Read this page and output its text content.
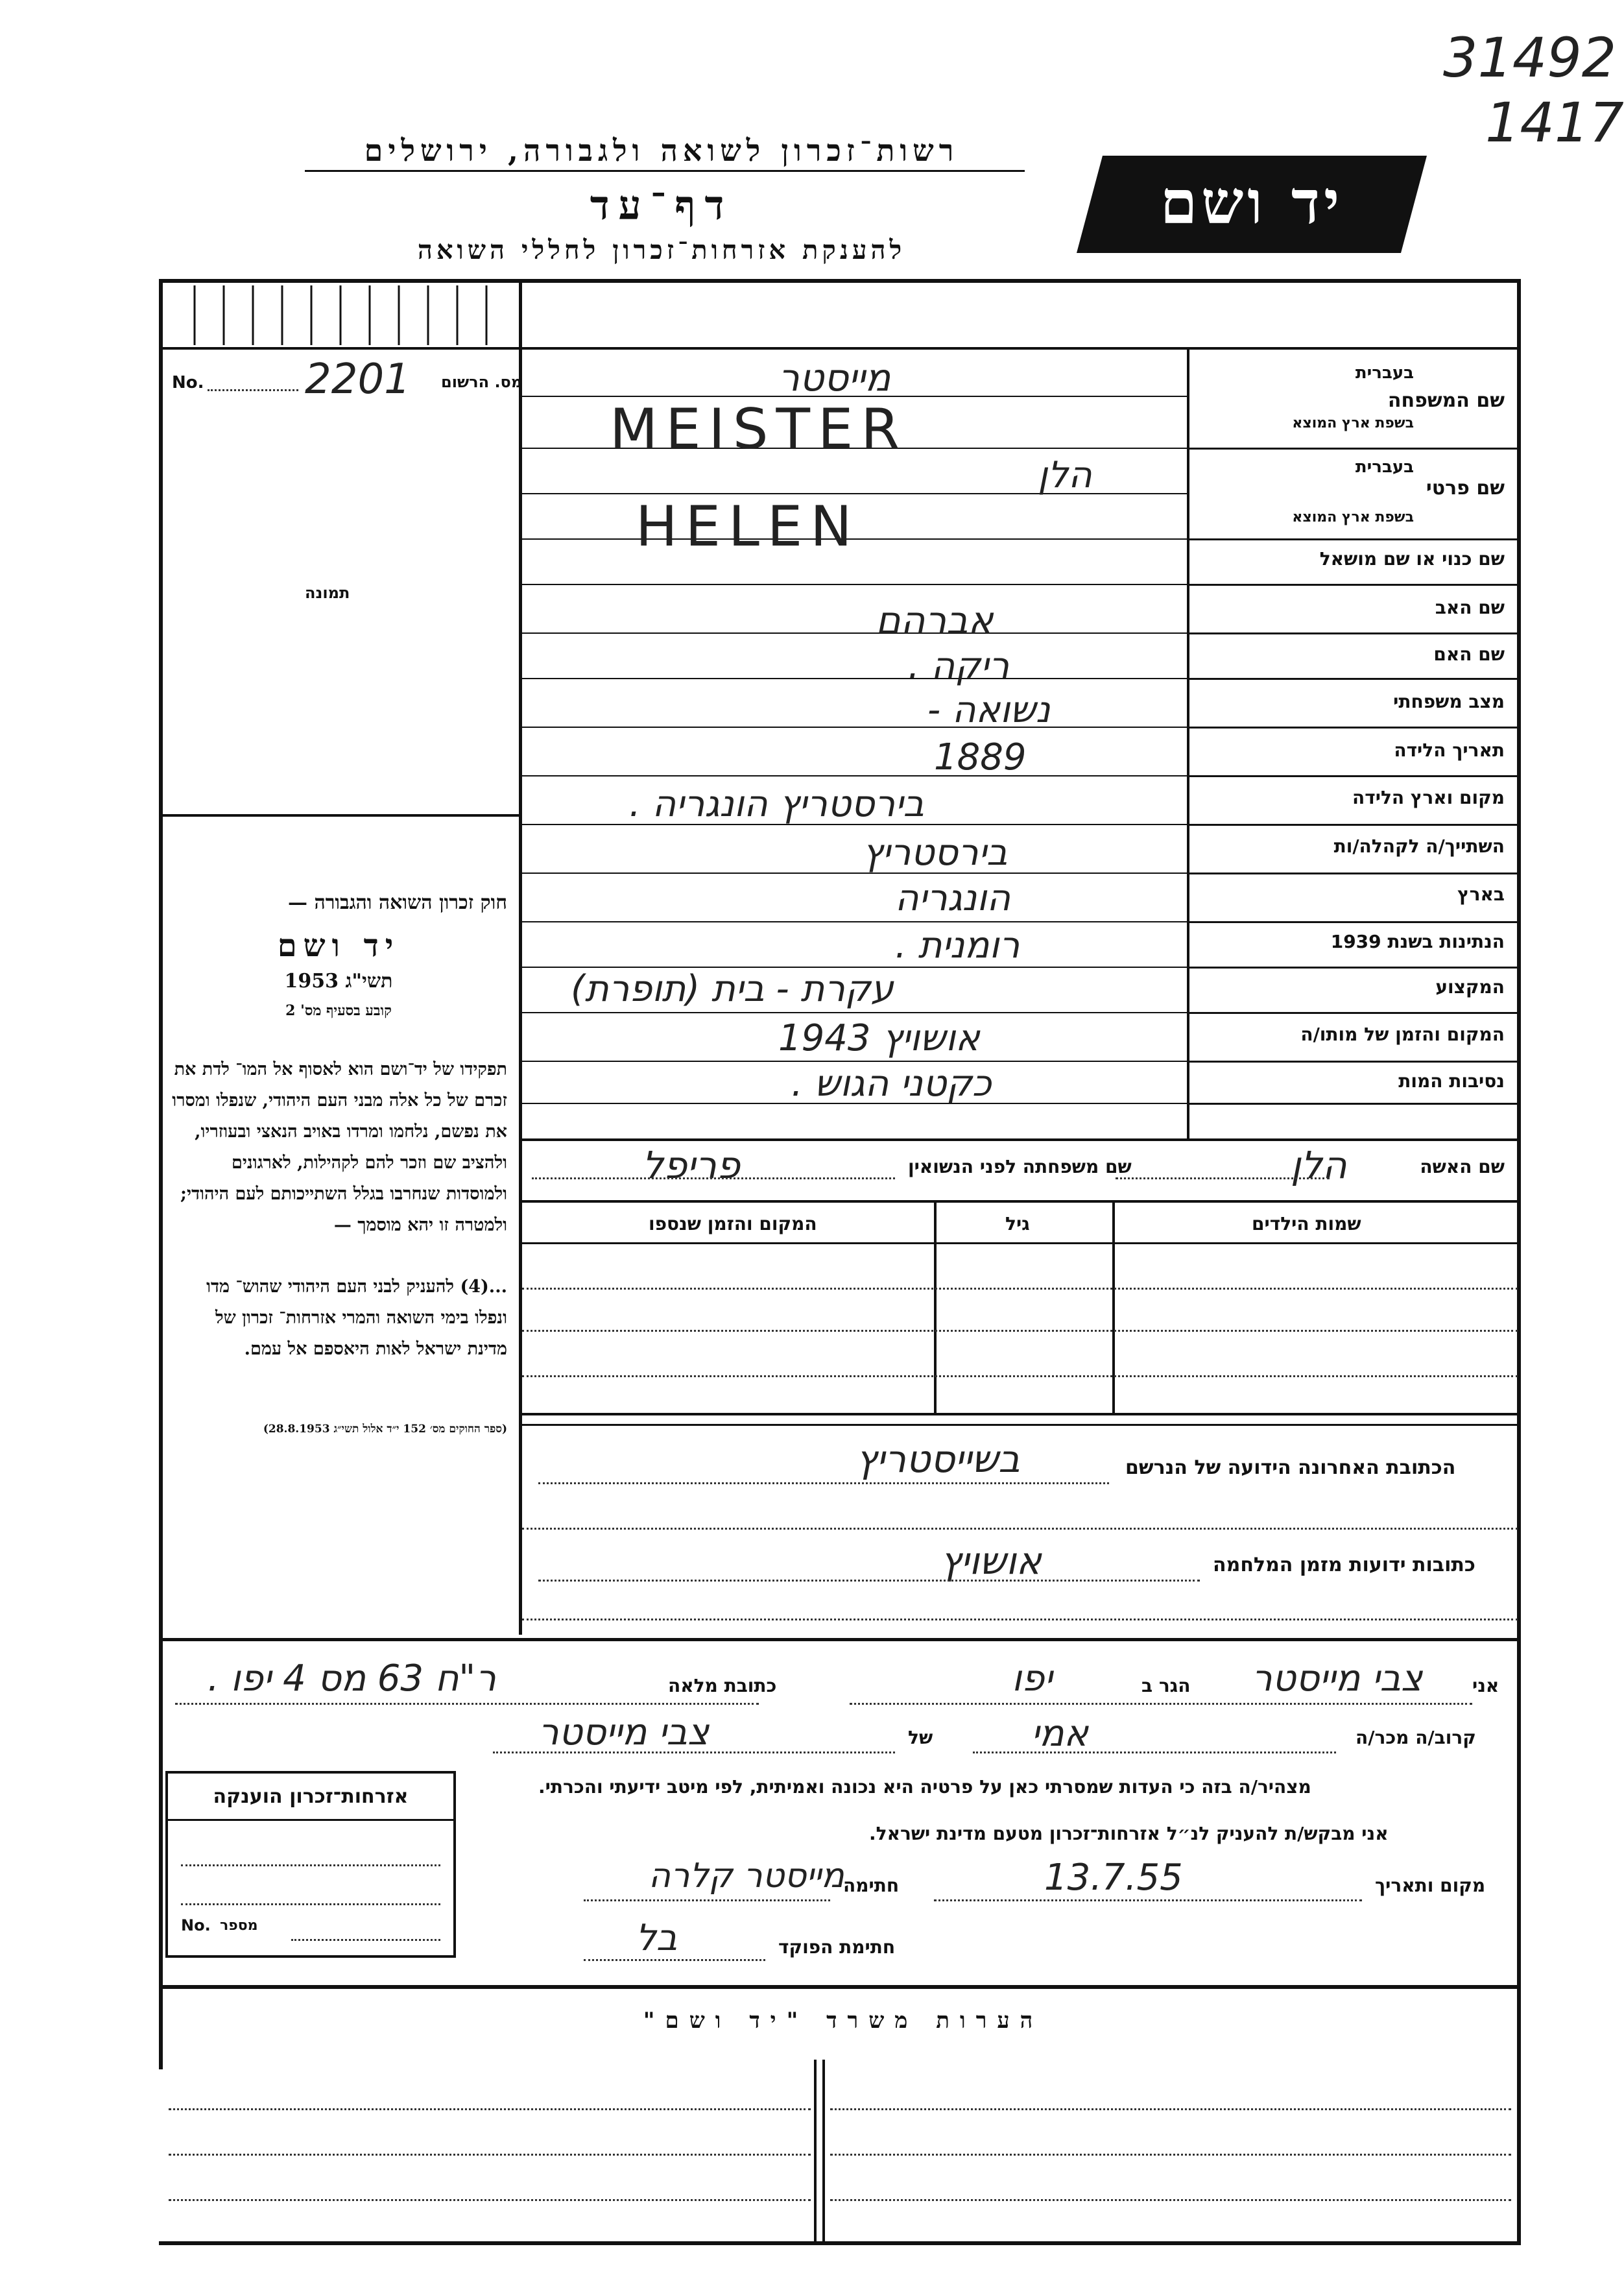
31492
1417
רשות־זכרון לשואה ולגבורה, ירושלים
דף־עד
להענקת אזרחות־זכרון לחללי השואה
יד ושם
No. 2201 מס. הרשום
תמונה
שם המשפחה
בעברית
בשפת ארץ המוצא
מייסטר
MEISTER
שם פרטי
בעברית
בשפת ארץ המוצא
הלן
HELEN	שם כנוי או שם מושאל
שם האב
אברהם
שם האם
ריקה .
מצב משפחתי
נשואה -
תאריך הלידה
1889
מקום וארץ הלידה
בירסטריץ הונגריה .
השתייך/ה לקהלה/ות
בירסטריץ
בארץ
הונגריה
הנתינות בשנת 1939
רומנית .
המקצוע
עקרת - בית (תופרת)
המקום והזמן של מותו/ה
אושויץ 1943
נסיבות המות
כקטני הגוש .
שם האשה
הלן
שם משפחתה לפני הנשואין
פריפל
שמות הילדים
גיל
המקום והזמן שנספו
חוק זכרון השואה והגבורה —
יד ושם
תשי"ג 1953
קובע בסעיף מס' 2
תפקידו של יד־ושם הוא לאסוף אל המו־ לדת את זכרם של כל אלה מבני העם היהודי, שנפלו ומסרו את נפשם, נלחמו ומרדו באויב הנאצי ובעוזריו, ולהציב שם וזכר להם לקהילות, לארגונים ולמוסדות שנחרבו בגלל השתייכותם לעם היהודי; ולמטרה זו יהא מוסמך —
...(4) להעניק לבני העם היהודי שהוש־ מדו ונפלו בימי השואה והמרי אזרחות־ זכרון של מדינת ישראל לאות היאספם אל עמם.
(ספר החוקים מס׳ 152 י״ד אלול תשי״ג 28.8.1953)
הכתובת האחרונה הידועה של הנרשם
בשייסטריץ
כתובות ידועות מזמן המלחמה
אושויץ
אני
צבי מייסטר
הגר ב
יפו
כתובת מלאה
ר"ח 63 מס 4 יפו .
קרוב/ה מכר/ה
אמי
של
צבי מייסטר
מצהיר/ה בזה כי העדות שמסרתי כאן על פרטיה היא נכונה ואמיתית, לפי מיטב ידיעתי והכרתי.
אני מבקש/ת להעניק לנ״ל אזרחות־זכרון מטעם מדינת ישראל.
מקום ותאריך
13.7.55
חתימה
מייסטר קלרה
חתימת הפוקד
בל
אזרחות־זכרון הוענקה
No. מספר
הערות משרד "יד ושם"
